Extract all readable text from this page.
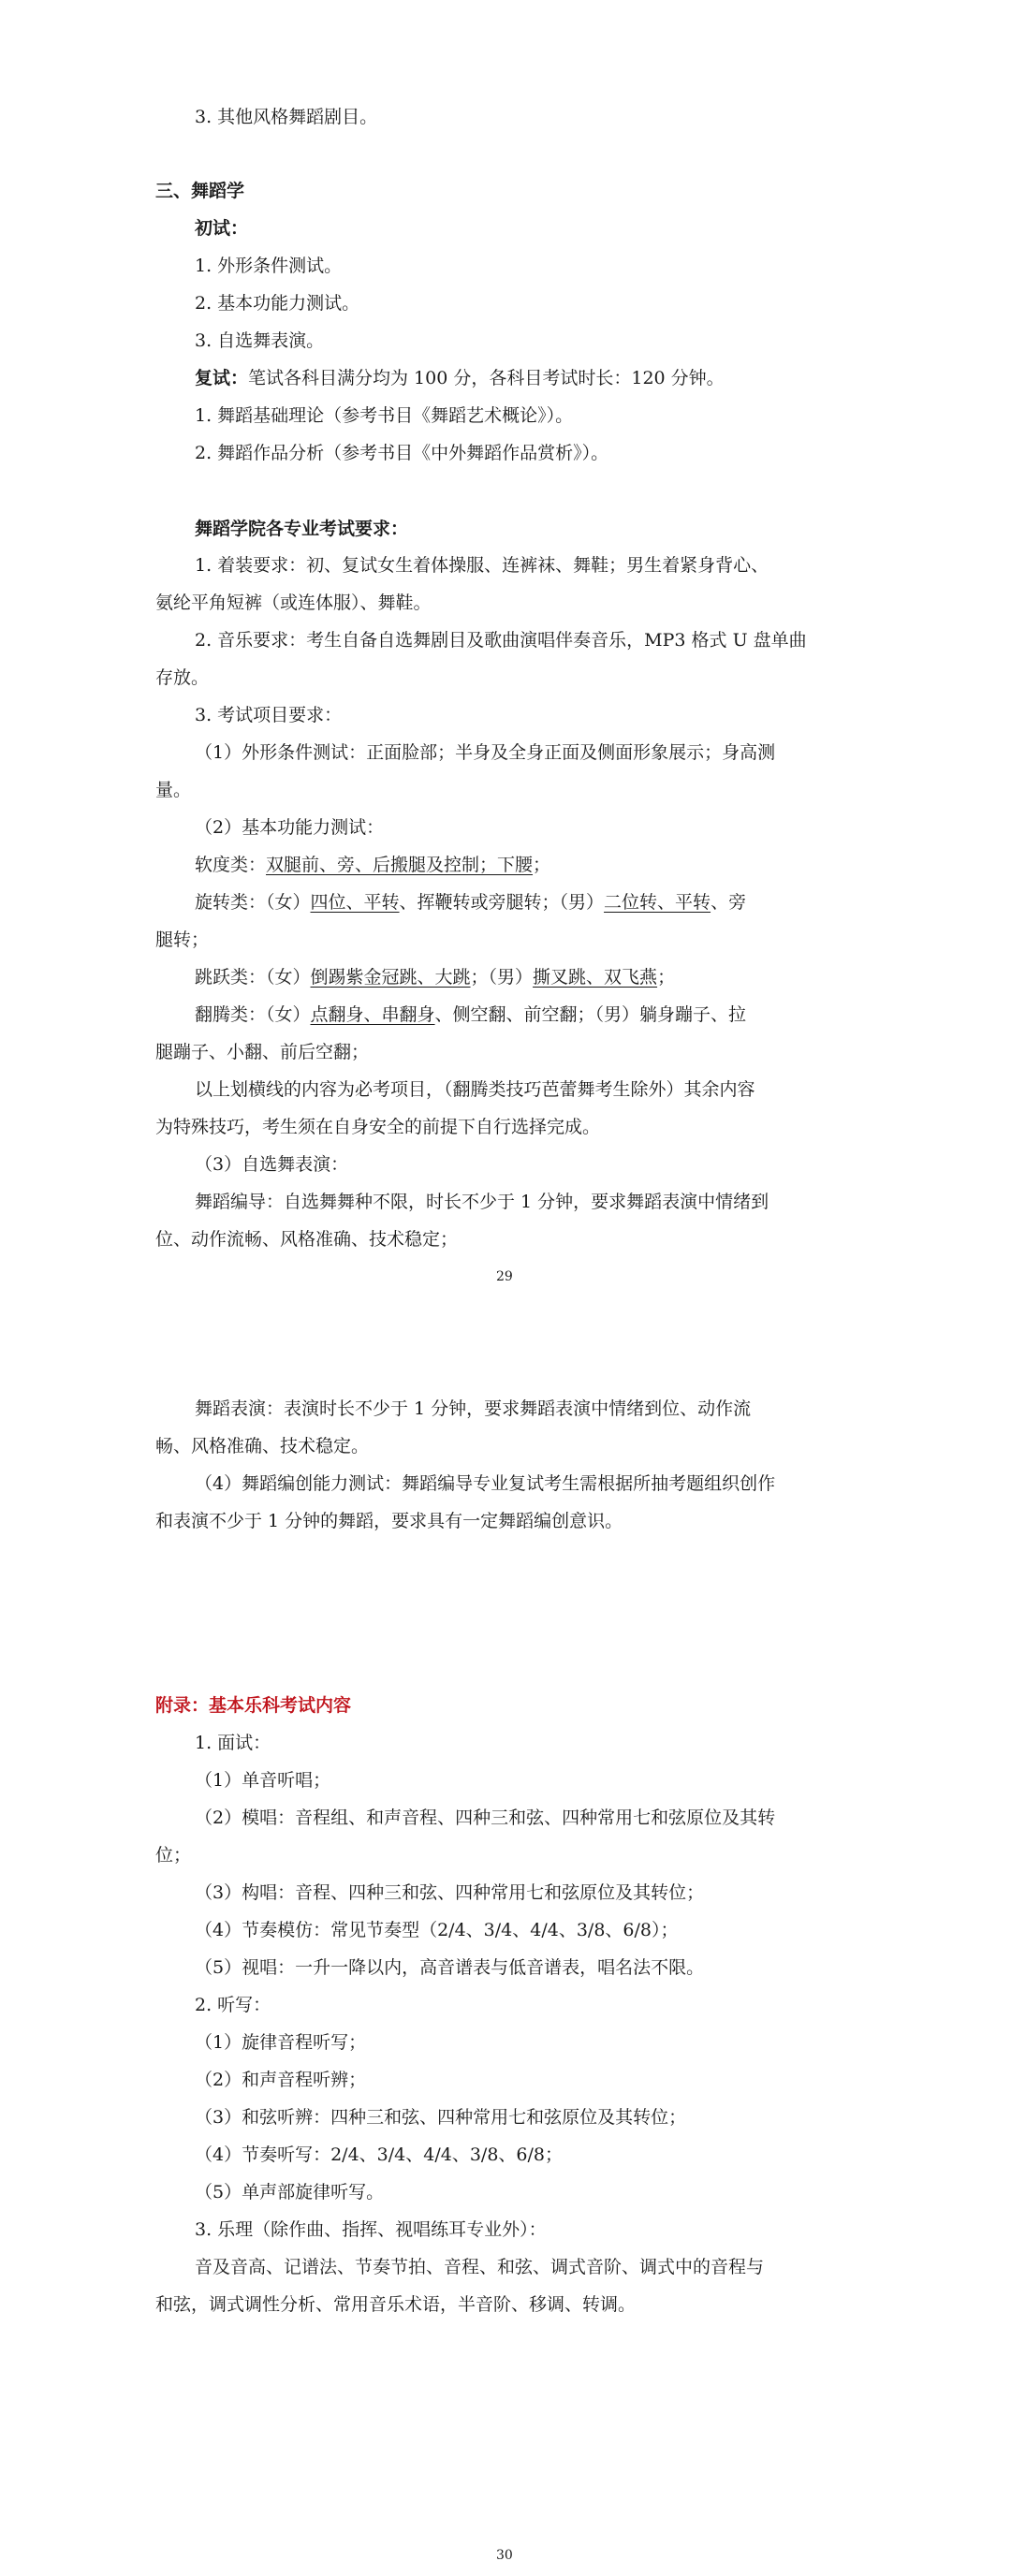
3. 其他风格舞蹈剧目。
三、舞蹈学
初试：
1. 外形条件测试。
2. 基本功能力测试。
3. 自选舞表演。
复试：笔试各科目满分均为 100 分，各科目考试时长：120 分钟。
1. 舞蹈基础理论（参考书目《舞蹈艺术概论》）。
2. 舞蹈作品分析（参考书目《中外舞蹈作品赏析》）。
舞蹈学院各专业考试要求：
1. 着装要求：初、复试女生着体操服、连裤袜、舞鞋；男生着紧身背心、
氨纶平角短裤（或连体服）、舞鞋。
2. 音乐要求：考生自备自选舞剧目及歌曲演唱伴奏音乐，MP3 格式 U 盘单曲
存放。
3. 考试项目要求：
（1）外形条件测试：正面脸部；半身及全身正面及侧面形象展示；身高测
量。
（2）基本功能力测试：
软度类：双腿前、旁、后搬腿及控制；下腰；
旋转类：（女）四位、平转、挥鞭转或旁腿转；（男）二位转、平转、旁
腿转；
跳跃类：（女）倒踢紫金冠跳、大跳；（男）撕叉跳、双飞燕；
翻腾类：（女）点翻身、串翻身、侧空翻、前空翻；（男）躺身蹦子、拉
腿蹦子、小翻、前后空翻；
以上划横线的内容为必考项目，（翻腾类技巧芭蕾舞考生除外）其余内容
为特殊技巧，考生须在自身安全的前提下自行选择完成。
（3）自选舞表演：
舞蹈编导：自选舞舞种不限，时长不少于 1 分钟，要求舞蹈表演中情绪到
位、动作流畅、风格准确、技术稳定；
29
舞蹈表演：表演时长不少于 1 分钟，要求舞蹈表演中情绪到位、动作流
畅、风格准确、技术稳定。
（4）舞蹈编创能力测试：舞蹈编导专业复试考生需根据所抽考题组织创作
和表演不少于 1 分钟的舞蹈，要求具有一定舞蹈编创意识。
附录：基本乐科考试内容
1. 面试：
（1）单音听唱；
（2）模唱：音程组、和声音程、四种三和弦、四种常用七和弦原位及其转
位；
（3）构唱：音程、四种三和弦、四种常用七和弦原位及其转位；
（4）节奏模仿：常见节奏型（2/4、3/4、4/4、3/8、6/8）；
（5）视唱：一升一降以内，高音谱表与低音谱表，唱名法不限。
2. 听写：
（1）旋律音程听写；
（2）和声音程听辨；
（3）和弦听辨：四种三和弦、四种常用七和弦原位及其转位；
（4）节奏听写：2/4、3/4、4/4、3/8、6/8；
（5）单声部旋律听写。
3. 乐理（除作曲、指挥、视唱练耳专业外）：
音及音高、记谱法、节奏节拍、音程、和弦、调式音阶、调式中的音程与
和弦，调式调性分析、常用音乐术语，半音阶、移调、转调。
30
